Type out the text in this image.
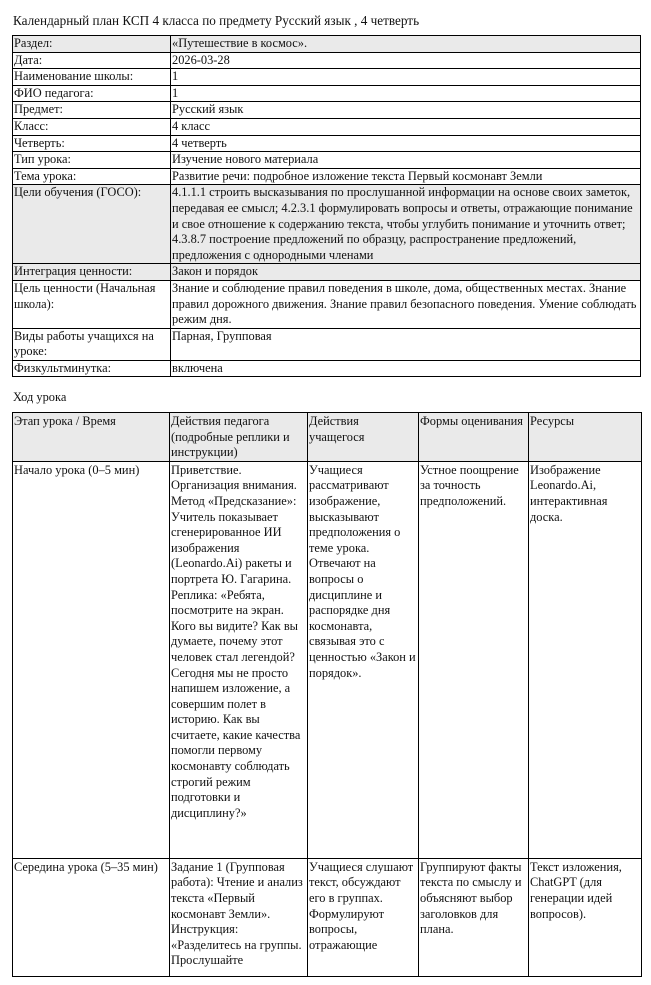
Календарный план КСП 4 класса по предмету Русский язык , 4 четверть
Раздел:	«Путешествие в космос».
Дата:	2026-03-28
Наименование школы:	1
ФИО педагога:	1
Предмет:	Русский язык
Класс:	4 класс
Четверть:	4 четверть
Тип урока:	Изучение нового материала
Тема урока:	Развитие речи: подробное изложение текста Первый космонавт Земли
Цели обучения (ГОСО):	4.1.1.1 строить высказывания по прослушанной информации на основе своих заметок, передавая ее смысл; 4.2.3.1 формулировать вопросы и ответы, отражающие понимание и свое отношение к содержанию текста, чтобы углубить понимание и уточнить ответ; 4.3.8.7 построение предложений по образцу, распространение предложений, предложения с однородными членами
Интеграция ценности:	Закон и порядок
Цель ценности (Начальная школа):	Знание и соблюдение правил поведения в школе, дома, общественных местах. Знание правил дорожного движения. Знание правил безопасного поведения. Умение соблюдать режим дня.
Виды работы учащихся на уроке:	Парная, Групповая
Физкультминутка:	включена
Ход урока
Этап урока / Время	Действия педагога (подробные реплики и инструкции)	Действия учащегося	Формы оценивания	Ресурсы
Начало урока (0–5 мин)	Приветствие. Организация внимания. Метод «Предсказание»: Учитель показывает сгенерированное ИИ изображения (Leonardo.Ai) ракеты и портрета Ю. Гагарина. Реплика: «Ребята, посмотрите на экран. Кого вы видите? Как вы думаете, почему этот человек стал легендой? Сегодня мы не просто напишем изложение, а совершим полет в историю. Как вы считаете, какие качества помогли первому космонавту соблюдать строгий режим подготовки и дисциплину?»	Учащиеся рассматривают изображение, высказывают предположения о теме урока. Отвечают на вопросы о дисциплине и распорядке дня космонавта, связывая это с ценностью «Закон и порядок».	Устное поощрение за точность предположений.	Изображение Leonardo.Ai, интерактивная доска.
Середина урока (5–35 мин)	Задание 1 (Групповая работа): Чтение и анализ текста «Первый космонавт Земли». Инструкция: «Разделитесь на группы. Прослушайте	Учащиеся слушают текст, обсуждают его в группах. Формулируют вопросы, отражающие	Группируют факты текста по смыслу и объясняют выбор заголовков для плана.	Текст изложения, ChatGPT (для генерации идей вопросов).
